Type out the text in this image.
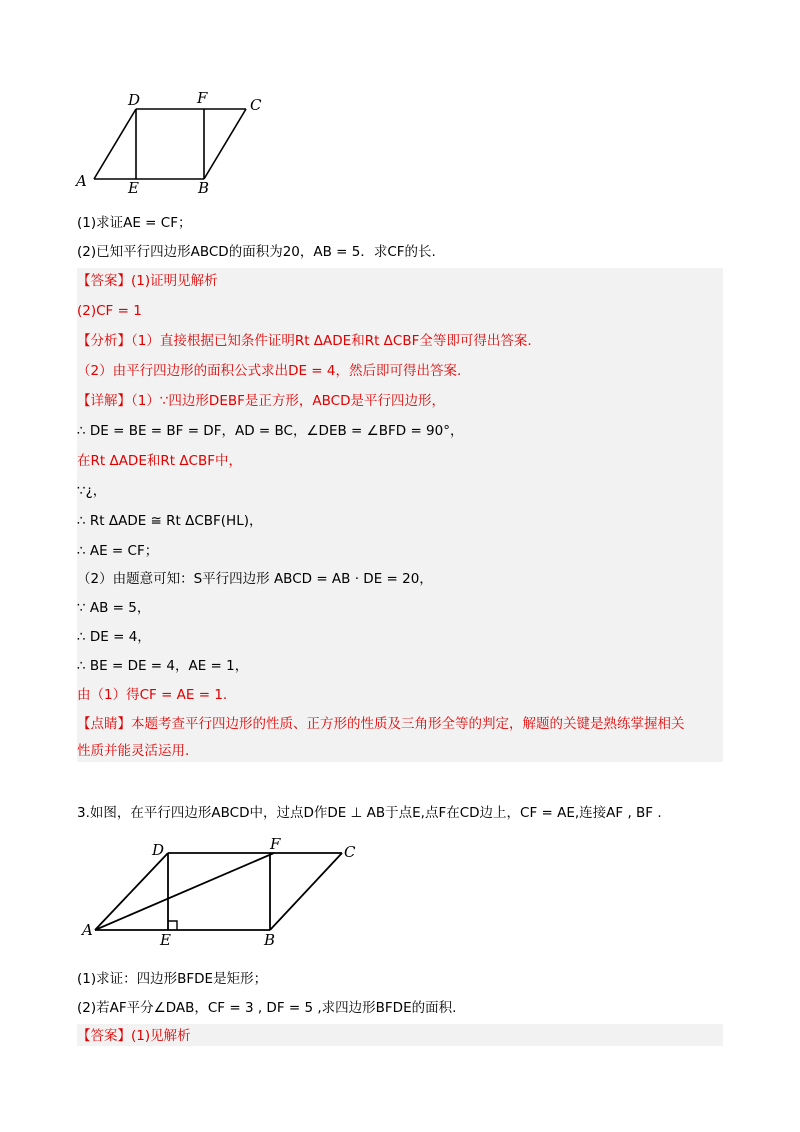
D	F	C
A	E	B
(1)求证AE = CF；
(2)已知平行四边形ABCD的面积为20，AB = 5．求CF的长.
【答案】(1)证明见解析
(2)CF = 1
【分析】（1）直接根据已知条件证明Rt ΔADE和Rt ΔCBF全等即可得出答案.
（2）由平行四边形的面积公式求出DE = 4，然后即可得出答案.
【详解】（1）∵四边形DEBF是正方形，ABCD是平行四边形，
∴ DE = BE = BF = DF，AD = BC，∠DEB = ∠BFD = 90°，
在Rt ΔADE和Rt ΔCBF中，
∵¿，
∴ Rt ΔADE ≅ Rt ΔCBF(HL)，
∴ AE = CF；
（2）由题意可知：S平行四边形 ABCD = AB · DE = 20，
∵ AB = 5，
∴ DE = 4，
∴ BE = DE = 4，AE = 1，
由（1）得CF = AE = 1.
【点睛】本题考查平行四边形的性质、正方形的性质及三角形全等的判定，解题的关键是熟练掌握相关
性质并能灵活运用.
3.如图，在平行四边形ABCD中，过点D作DE ⊥ AB于点E,点F在CD边上，CF = AE,连接AF , BF .
D	F	C
A
E	B
(1)求证：四边形BFDE是矩形；
(2)若AF平分∠DAB，CF = 3 , DF = 5 ,求四边形BFDE的面积.
【答案】(1)见解析
